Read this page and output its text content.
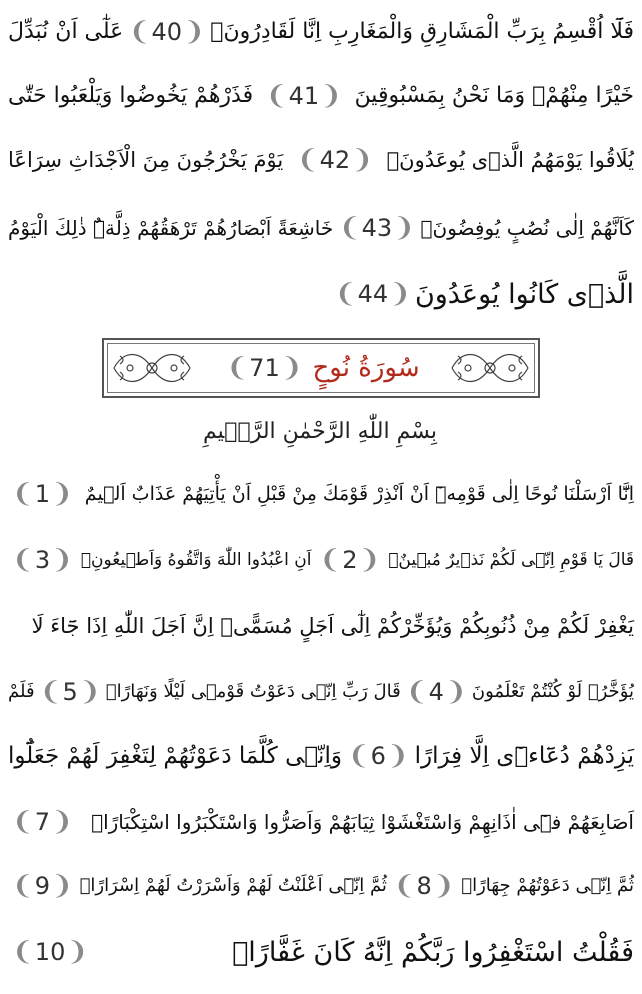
فَلَٓا اُقْسِمُ بِرَبِّ الْمَشَارِقِ وَالْمَغَارِبِ اِنَّا لَقَادِرُونَۙ
❨ 40 ❩
عَلٰٓى اَنْ نُبَدِّلَ
خَيْرًا مِنْهُمْۙ وَمَا نَحْنُ بِمَسْبُوقِينَ
❨ 41 ❩
فَذَرْهُمْ يَخُوضُوا وَيَلْعَبُوا حَتّٰى
يُلَاقُوا يَوْمَهُمُ الَّذٖى يُوعَدُونَۙ
❨ 42 ❩
يَوْمَ يَخْرُجُونَ مِنَ الْاَجْدَاثِ سِرَاعًا
كَاَنَّهُمْ اِلٰى نُصُبٍ يُوفِضُونَۙ
❨ 43 ❩
خَاشِعَةً اَبْصَارُهُمْ تَرْهَقُهُمْ ذِلَّةٌۜ ذٰلِكَ الْيَوْمُ
الَّذٖى كَانُوا يُوعَدُونَ
❨ 44 ❩
سُورَةُ نُوحٍ
❨ 71 ❩
بِسْمِ اللّٰهِ الرَّحْمٰنِ الرَّحٖيمِ
اِنَّٓا اَرْسَلْنَا نُوحًا اِلٰى قَوْمِهٖٓ اَنْ اَنْذِرْ قَوْمَكَ مِنْ قَبْلِ اَنْ يَأْتِيَهُمْ عَذَابٌ اَلٖيمٌ
❨ 1 ❩
قَالَ يَا قَوْمِ اِنّٖى لَكُمْ نَذٖيرٌ مُبٖينٌۙ
❨ 2 ❩
اَنِ اعْبُدُوا اللّٰهَ وَاتَّقُوهُ وَاَطٖيعُونِۙ
❨ 3 ❩
يَغْفِرْ لَكُمْ مِنْ ذُنُوبِكُمْ وَيُؤَخِّرْكُمْ اِلٰٓى اَجَلٍ مُسَمًّىۜ اِنَّ اَجَلَ اللّٰهِ اِذَا جَٓاءَ لَا
يُؤَخَّرُۢ لَوْ كُنْتُمْ تَعْلَمُونَ
❨ 4 ❩
قَالَ رَبِّ اِنّٖى دَعَوْتُ قَوْمٖى لَيْلًا وَنَهَارًاۙ
❨ 5 ❩
فَلَمْ
يَزِدْهُمْ دُعَٓاءٖٓى اِلَّا فِرَارًا
❨ 6 ❩
وَاِنّٖى كُلَّمَا دَعَوْتُهُمْ لِتَغْفِرَ لَهُمْ جَعَلُٓوا
اَصَابِعَهُمْ فٖٓى اٰذَانِهِمْ وَاسْتَغْشَوْا ثِيَابَهُمْ وَاَصَرُّوا وَاسْتَكْبَرُوا اسْتِكْبَارًاۚ
❨ 7 ❩
ثُمَّ اِنّٖى دَعَوْتُهُمْ جِهَارًاۙ
❨ 8 ❩
ثُمَّ اِنّٖٓى اَعْلَنْتُ لَهُمْ وَاَسْرَرْتُ لَهُمْ اِسْرَارًاۙ
❨ 9 ❩
فَقُلْتُ اسْتَغْفِرُوا رَبَّكُمْ اِنَّهُ كَانَ غَفَّارًاۙ
❨ 10 ❩
